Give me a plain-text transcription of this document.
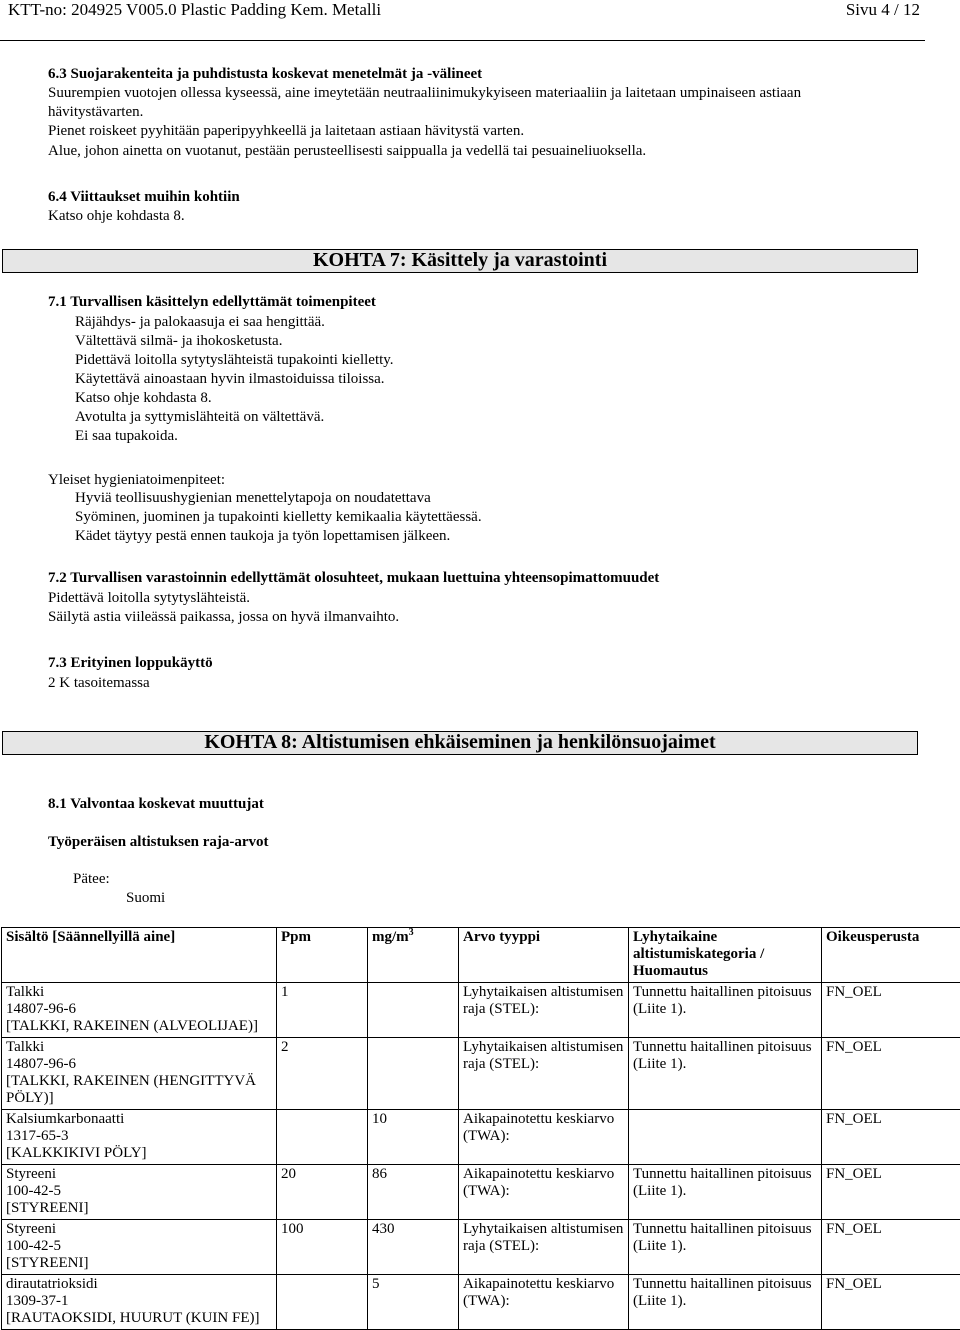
KTT-no: 204925 V005.0 Plastic Padding Kem. Metalli	Sivu 4 / 12
6.3 Suojarakenteita ja puhdistusta koskevat menetelmät ja -välineet
Suurempien vuotojen ollessa kyseessä, aine imeytetään neutraaliinimukykyiseen materiaaliin ja laitetaan umpinaiseen astiaan
hävitystävarten.
Pienet roiskeet pyyhitään paperipyyhkeellä ja laitetaan astiaan hävitystä varten.
Alue, johon ainetta on vuotanut, pestään perusteellisesti saippualla ja vedellä tai pesuaineliuoksella.
6.4 Viittaukset muihin kohtiin
Katso ohje kohdasta 8.
KOHTA 7: Käsittely ja varastointi
7.1 Turvallisen käsittelyn edellyttämät toimenpiteet
Räjähdys- ja palokaasuja ei saa hengittää.
Vältettävä silmä- ja ihokosketusta.
Pidettävä loitolla sytytyslähteistä tupakointi kielletty.
Käytettävä ainoastaan hyvin ilmastoiduissa tiloissa.
Katso ohje kohdasta 8.
Avotulta ja syttymislähteitä on vältettävä.
Ei saa tupakoida.
Yleiset hygieniatoimenpiteet:
Hyviä teollisuushygienian menettelytapoja on noudatettava
Syöminen, juominen ja tupakointi kielletty kemikaalia käytettäessä.
Kädet täytyy pestä ennen taukoja ja työn lopettamisen jälkeen.
7.2 Turvallisen varastoinnin edellyttämät olosuhteet, mukaan luettuina yhteensopimattomuudet
Pidettävä loitolla sytytyslähteistä.
Säilytä astia viileässä paikassa, jossa on hyvä ilmanvaihto.
7.3 Erityinen loppukäyttö
2 K tasoitemassa
KOHTA 8: Altistumisen ehkäiseminen ja henkilönsuojaimet
8.1 Valvontaa koskevat muuttujat
Työperäisen altistuksen raja-arvot
Pätee:
Suomi
Sisältö [Säännellyillä aine]	Ppm	$mg/m^3$	Arvo tyyppi	Lyhytaikaine
altistumiskategoria /
Huomautus	Oikeusperusta

Talkki
14807-96-6
[TALKKI, RAKEINEN (ALVEOLIJAE)]	1		Lyhytaikaisen altistumisen
raja (STEL):	Tunnettu haitallinen pitoisuus
(Liite 1).	FN_OEL

Talkki
14807-96-6
[TALKKI, RAKEINEN (HENGITTYVÄ
PÖLY)]	2		Lyhytaikaisen altistumisen
raja (STEL):	Tunnettu haitallinen pitoisuus
(Liite 1).	FN_OEL

Kalsiumkarbonaatti
1317-65-3
[KALKKIKIVI PÖLY]		10	Aikapainotettu keskiarvo
(TWA):		FN_OEL

Styreeni
100-42-5
[STYREENI]	20	86	Aikapainotettu keskiarvo
(TWA):	Tunnettu haitallinen pitoisuus
(Liite 1).	FN_OEL

Styreeni
100-42-5
[STYREENI]	100	430	Lyhytaikaisen altistumisen
raja (STEL):	Tunnettu haitallinen pitoisuus
(Liite 1).	FN_OEL

dirautatrioksidi
1309-37-1
[RAUTAOKSIDI, HUURUT (KUIN FE)]		5	Aikapainotettu keskiarvo
(TWA):	Tunnettu haitallinen pitoisuus
(Liite 1).	FN_OEL
